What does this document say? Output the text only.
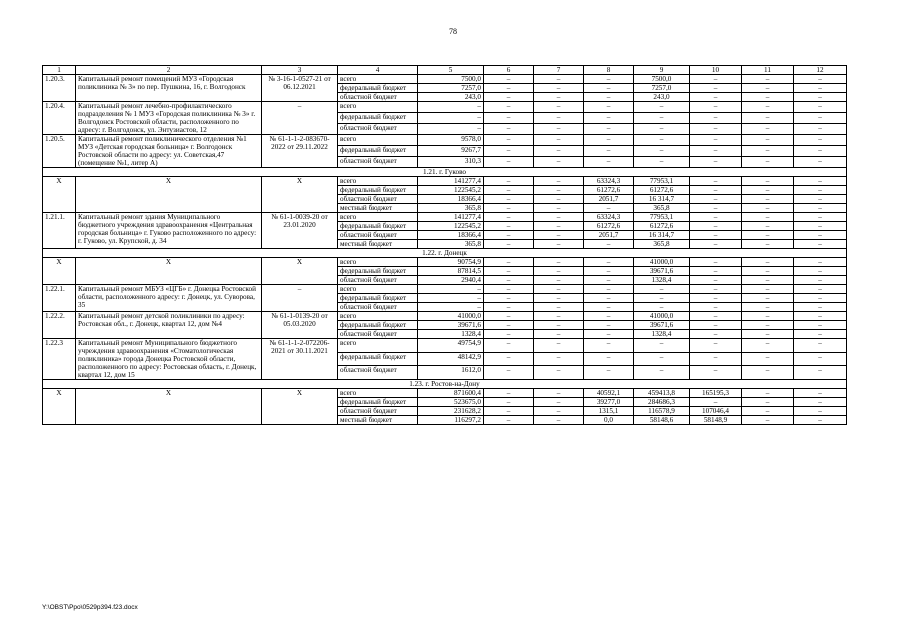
78
1	2	3	4	5	6	7	8	9	10	11	12
1.20.3.	Капитальный ремонт помещений МУЗ «Городская поликлиника № 3» по пер. Пушкина, 16, г. Волгодонск	№ 3-16-1-0527-21 от 06.12.2021	всего	7500,0	–	–	–	7500,0	–	–	–
			федеральный бюджет	7257,0	–	–	–	7257,0	–	–	–
			областной бюджет	243,0	–	–	–	243,0	–	–	–
1.20.4.	Капитальный ремонт лечебно-профилактического подразделения № 1 МУЗ «Городская поликлиника № 3» г. Волгодонск Ростовской области, расположенного по адресу: г. Волгодонск, ул. Энтузиастов, 12	–	всего	–	–	–	–	–	–	–	–
			федеральный бюджет	–	–	–	–	–	–	–	–
			областной бюджет	–	–	–	–	–	–	–	–
1.20.5.	Капитальный ремонт поликлинического отделения №1 МУЗ «Детская городская больница» г. Волгодонск Ростовской области по адресу: ул. Советская,47 (помещение №1, литер А)	№ 61-1-1-2-083670-2022 от 29.11.2022	всего	9578,0	–	–	–	–	–	–	–
			федеральный бюджет	9267,7	–	–	–	–	–	–	–
			областной бюджет	310,3	–	–	–	–	–	–	–
1.21. г. Гуково											
Х	Х	Х	всего	141277,4	–	–	63324,3	77953,1	–	–	–
			федеральный бюджет	122545,2	–	–	61272,6	61272,6	–	–	–
			областной бюджет	18366,4	–	–	2051,7	16 314,7	–	–	–
			местный бюджет	365,8	–	–	–	365,8	–	–	–
1.21.1.	Капитальный ремонт здания Муниципального бюджетного учреждения здравоохранения «Центральная городская больница» г. Гуково расположенного по адресу: г. Гуково, ул. Крупской, д. 34	№ 61-1-0039-20 от 23.01.2020	всего	141277,4	–	–	63324,3	77953,1	–	–	–
			федеральный бюджет	122545,2	–	–	61272,6	61272,6	–	–	–
			областной бюджет	18366,4	–	–	2051,7	16 314,7	–	–	–
			местный бюджет	365,8	–	–	–	365,8	–	–	–
1.22. г. Донецк											
Х	Х	Х	всего	90754,9	–	–	–	41000,0	–	–	–
			федеральный бюджет	87814,5	–	–	–	39671,6	–	–	–
			областной бюджет	2940,4	–	–	–	1328,4	–	–	–
1.22.1.	Капитальный ремонт МБУЗ «ЦГБ» г. Донецка Ростовской области, расположенного адресу: г. Донецк, ул. Суворова, 35	–	всего	–	–	–	–	–	–	–	–
			федеральный бюджет	–	–	–	–	–	–	–	–
			областной бюджет	–	–	–	–	–	–	–	–
1.22.2.	Капитальный ремонт детской поликлиники по адресу: Ростовская обл., г. Донецк, квартал 12, дом №4	№ 61-1-0139-20 от 05.03.2020	всего	41000,0	–	–	–	41000,0	–	–	–
			федеральный бюджет	39671,6	–	–	–	39671,6	–	–	–
			областной бюджет	1328,4	–	–	–	1328,4	–	–	–
1.22.3	Капитальный ремонт Муниципального бюджетного учреждения здравоохранения «Стоматологическая поликлиника» города Донецка Ростовской области, расположенного по адресу: Ростовская область, г. Донецк, квартал 12, дом 15	№ 61-1-1-2-072206-2021 от 30.11.2021	всего	49754,9	–	–	–	–	–	–	–
			федеральный бюджет	48142,9	–	–	–	–	–	–	–
			областной бюджет	1612,0	–	–	–	–	–	–	–
1.23. г. Ростов-на-Дону											
Х	Х	Х	всего	871600,4	–	–	40592,1	459413,8	165195,3	–	–
			федеральный бюджет	523675,0	–	–	39277,0	284686,3	–	–	–
			областной бюджет	231628,2	–	–	1315,1	116578,9	107046,4	–	–
			местный бюджет	116297,2	–	–	0,0	58148,6	58148,9	–	–
Y:\OBST\Ppo\0529p394.f23.docx
